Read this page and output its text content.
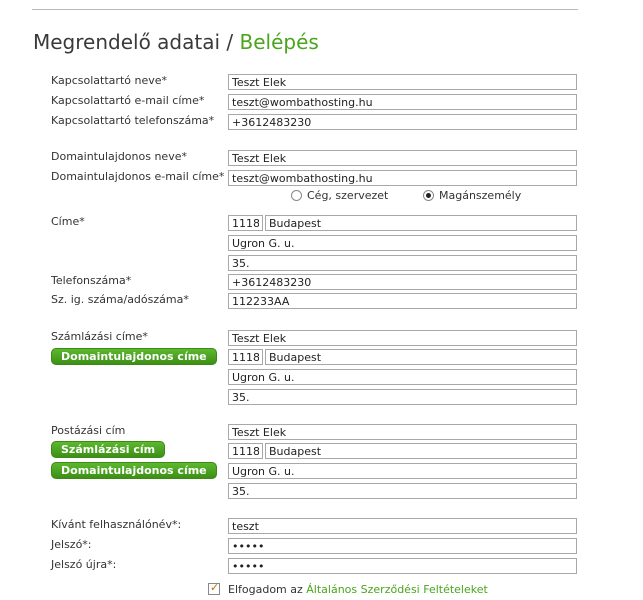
Megrendelő adatai / Belépés
Kapcsolattartó neve*
Teszt Elek
Kapcsolattartó e-mail címe*
teszt@wombathosting.hu
Kapcsolattartó telefonszáma*
+3612483230
Domaintulajdonos neve*
Teszt Elek
Domaintulajdonos e-mail címe*
teszt@wombathosting.hu
Cég, szervezet	Magánszemély
Címe*
1118
Budapest
Ugron G. u.
35.
Telefonszáma*
+3612483230
Sz. ig. száma/adószáma*
112233AA
Számlázási címe*
Teszt Elek
Domaintulajdonos címe
1118
Budapest
Ugron G. u.
35.
Postázási cím
Teszt Elek
Számlázási cím
1118
Budapest
Domaintulajdonos címe
Ugron G. u.
35.
Kívánt felhasználónév*:
teszt
Jelszó*:
Jelszó újra*:
✓
Elfogadom az Általános Szerződési Feltételeket
